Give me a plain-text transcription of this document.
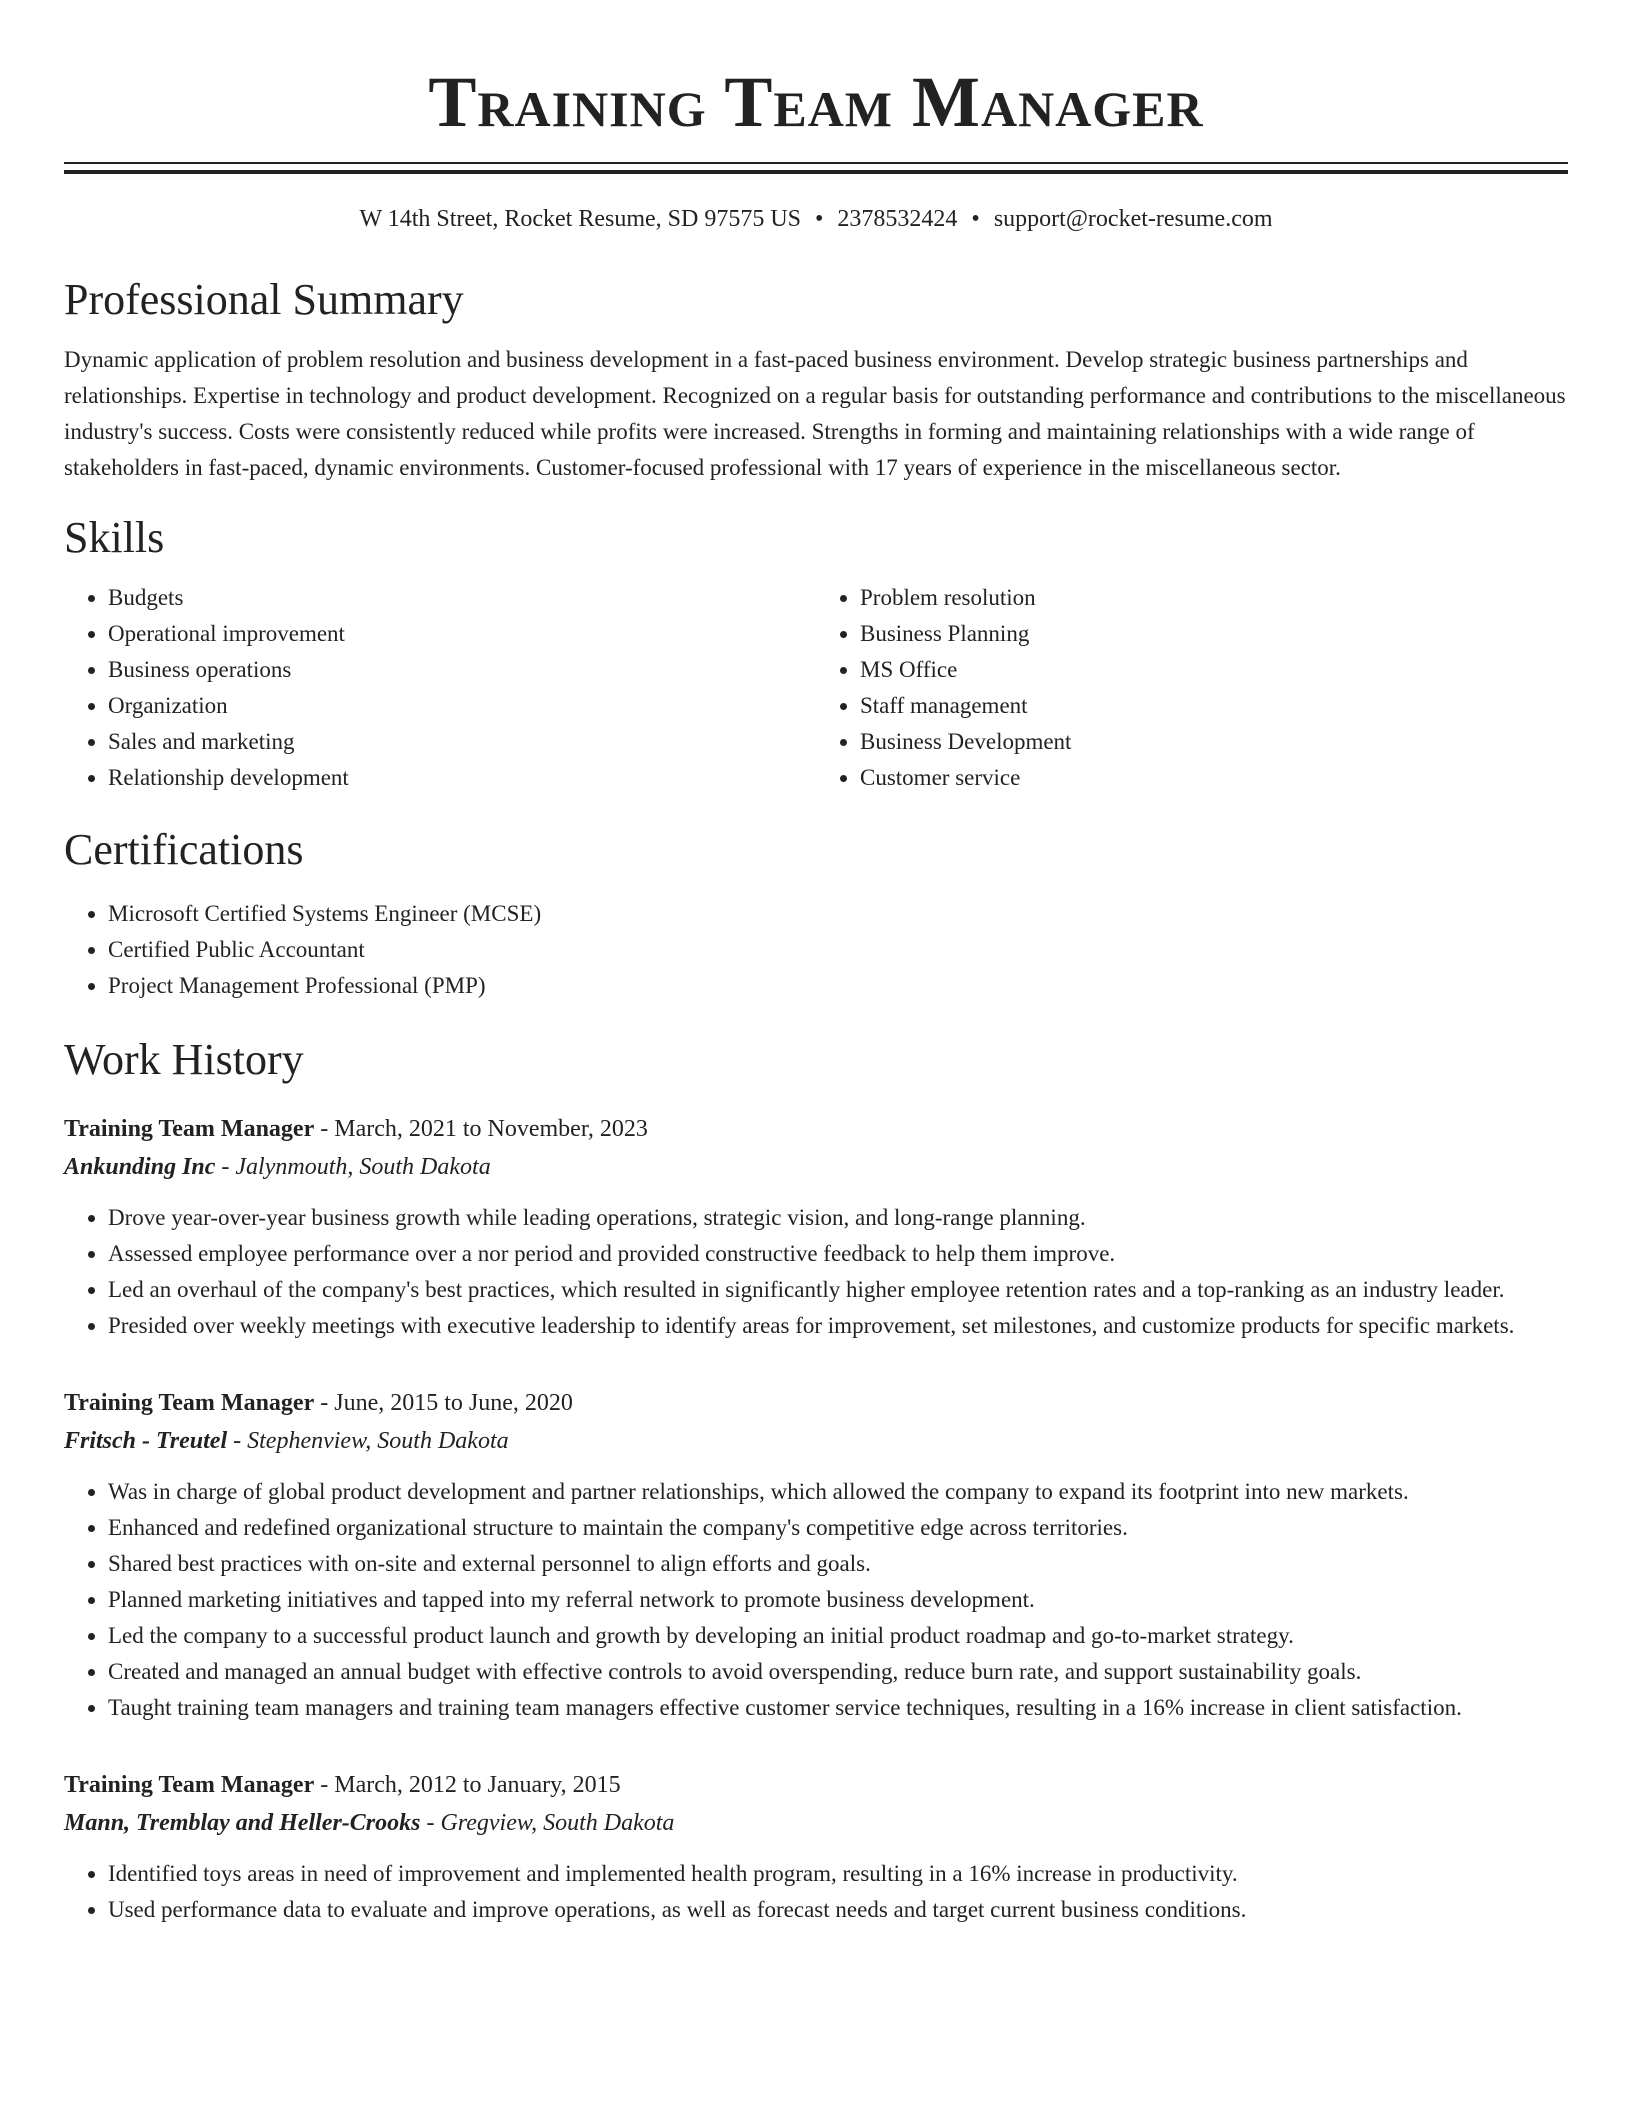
Training Team Manager
W 14th Street, Rocket Resume, SD 97575 US • 2378532424 • support@rocket-resume.com
Professional Summary
Dynamic application of problem resolution and business development in a fast-paced business environment. Develop strategic business partnerships and relationships. Expertise in technology and product development. Recognized on a regular basis for outstanding performance and contributions to the miscellaneous industry's success. Costs were consistently reduced while profits were increased. Strengths in forming and maintaining relationships with a wide range of stakeholders in fast-paced, dynamic environments. Customer-focused professional with 17 years of experience in the miscellaneous sector.
Skills
• Budgets
• Operational improvement
• Business operations
• Organization
• Sales and marketing
• Relationship development
• Problem resolution
• Business Planning
• MS Office
• Staff management
• Business Development
• Customer service
Certifications
• Microsoft Certified Systems Engineer (MCSE)
• Certified Public Accountant
• Project Management Professional (PMP)
Work History
Training Team Manager - March, 2021 to November, 2023
Ankunding Inc - Jalynmouth, South Dakota
• Drove year-over-year business growth while leading operations, strategic vision, and long-range planning.
• Assessed employee performance over a nor period and provided constructive feedback to help them improve.
• Led an overhaul of the company's best practices, which resulted in significantly higher employee retention rates and a top-ranking as an industry leader.
• Presided over weekly meetings with executive leadership to identify areas for improvement, set milestones, and customize products for specific markets.
Training Team Manager - June, 2015 to June, 2020
Fritsch - Treutel - Stephenview, South Dakota
• Was in charge of global product development and partner relationships, which allowed the company to expand its footprint into new markets.
• Enhanced and redefined organizational structure to maintain the company's competitive edge across territories.
• Shared best practices with on-site and external personnel to align efforts and goals.
• Planned marketing initiatives and tapped into my referral network to promote business development.
• Led the company to a successful product launch and growth by developing an initial product roadmap and go-to-market strategy.
• Created and managed an annual budget with effective controls to avoid overspending, reduce burn rate, and support sustainability goals.
• Taught training team managers and training team managers effective customer service techniques, resulting in a 16% increase in client satisfaction.
Training Team Manager - March, 2012 to January, 2015
Mann, Tremblay and Heller-Crooks - Gregview, South Dakota
• Identified toys areas in need of improvement and implemented health program, resulting in a 16% increase in productivity.
• Used performance data to evaluate and improve operations, as well as forecast needs and target current business conditions.
